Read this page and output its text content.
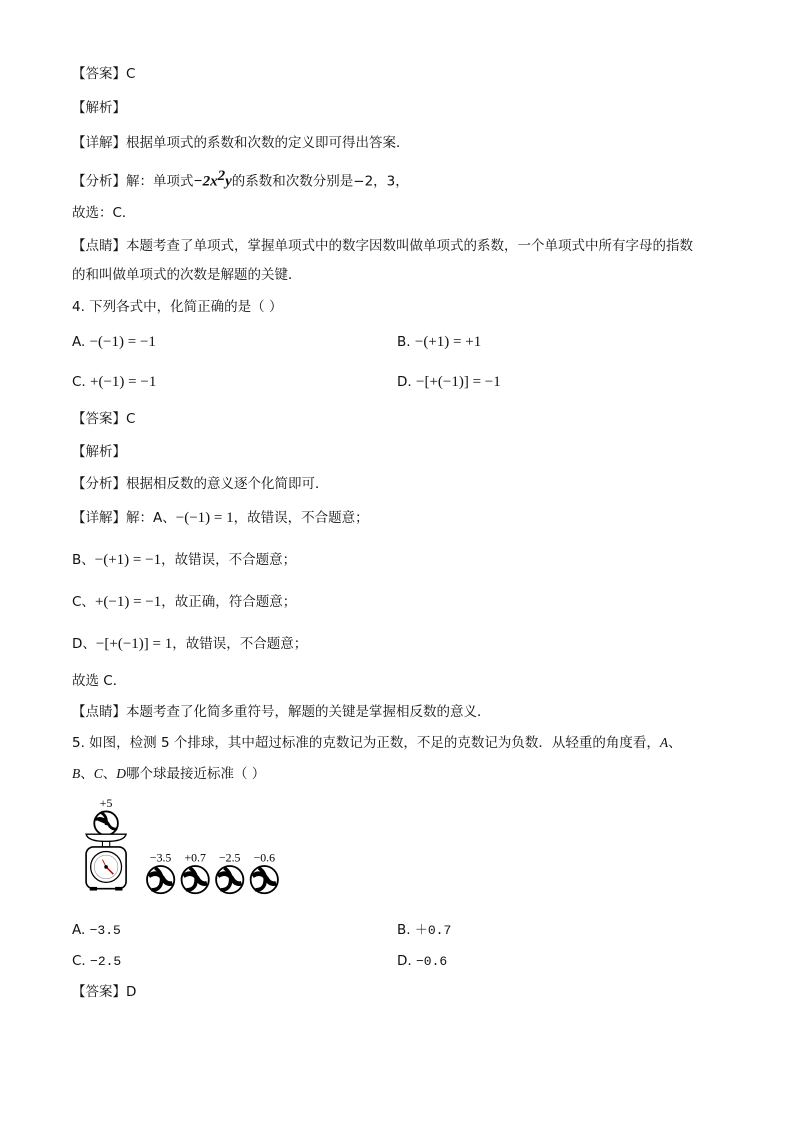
【答案】C
【解析】
【详解】根据单项式的系数和次数的定义即可得出答案．
【分析】解：单项式$-2x^2y$的系数和次数分别是−2，3，
故选：C．
【点睛】本题考查了单项式，掌握单项式中的数字因数叫做单项式的系数，一个单项式中所有字母的指数
的和叫做单项式的次数是解题的关键．
4. 下列各式中，化简正确的是（ ）
A. −(−1) = −1	B. −(+1) = +1
C. +(−1) = −1	D. −[+(−1)] = −1
【答案】C
【解析】
【分析】根据相反数的意义逐个化简即可．
【详解】解：A、−(−1) = 1，故错误，不合题意；
B、−(+1) = −1，故错误，不合题意；
C、+(−1) = −1，故正确，符合题意；
D、−[+(−1)] = 1，故错误，不合题意；
故选 C．
【点睛】本题考查了化简多重符号，解题的关键是掌握相反数的意义．
5. 如图，检测 5 个排球，其中超过标准的克数记为正数，不足的克数记为负数．从轻重的角度看，A、
B、C、D哪个球最接近标准（ ）
+5
−3.5 +0.7 −2.5 −0.6
A. −3.5	B. ＋0.7
C. −2.5	D. −0.6
【答案】D
